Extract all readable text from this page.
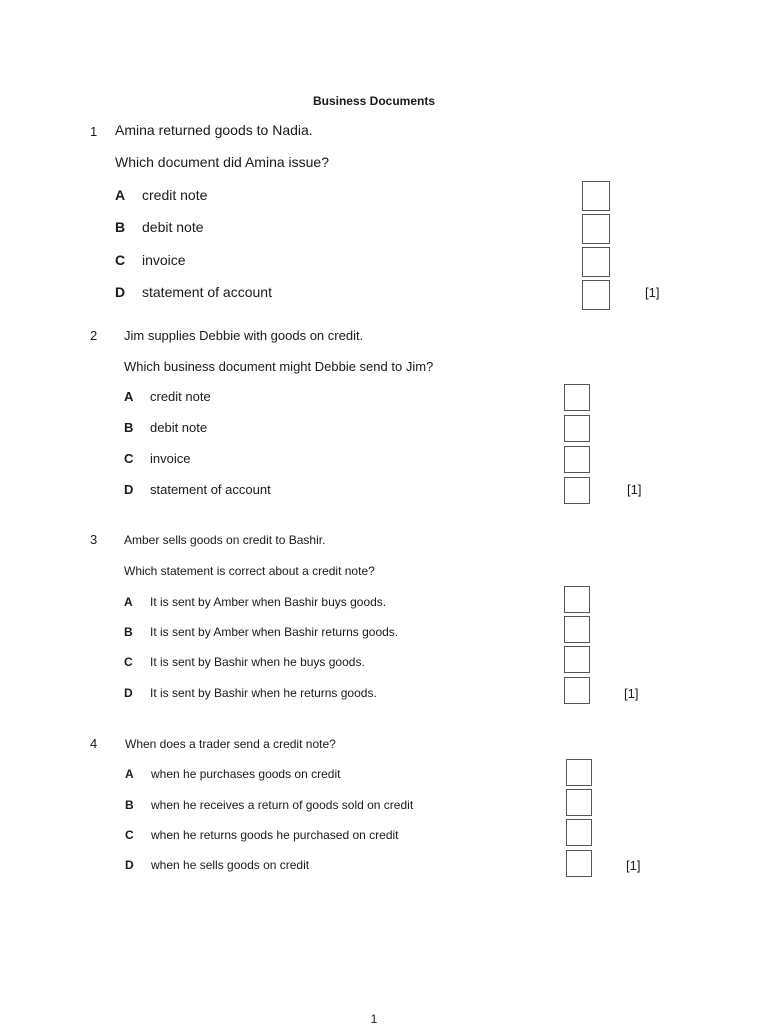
Business Documents
1 Amina returned goods to Nadia.
Which document did Amina issue?
A credit note
B debit note
C invoice
D statement of account	[1]
2 Jim supplies Debbie with goods on credit.
Which business document might Debbie send to Jim?
A credit note
B debit note
C invoice
D statement of account	[1]
3 Amber sells goods on credit to Bashir.
Which statement is correct about a credit note?
A It is sent by Amber when Bashir buys goods.
B It is sent by Amber when Bashir returns goods.
C It is sent by Bashir when he buys goods.
D It is sent by Bashir when he returns goods.	[1]
4 When does a trader send a credit note?
A when he purchases goods on credit
B when he receives a return of goods sold on credit
C when he returns goods he purchased on credit
D when he sells goods on credit	[1]
1
